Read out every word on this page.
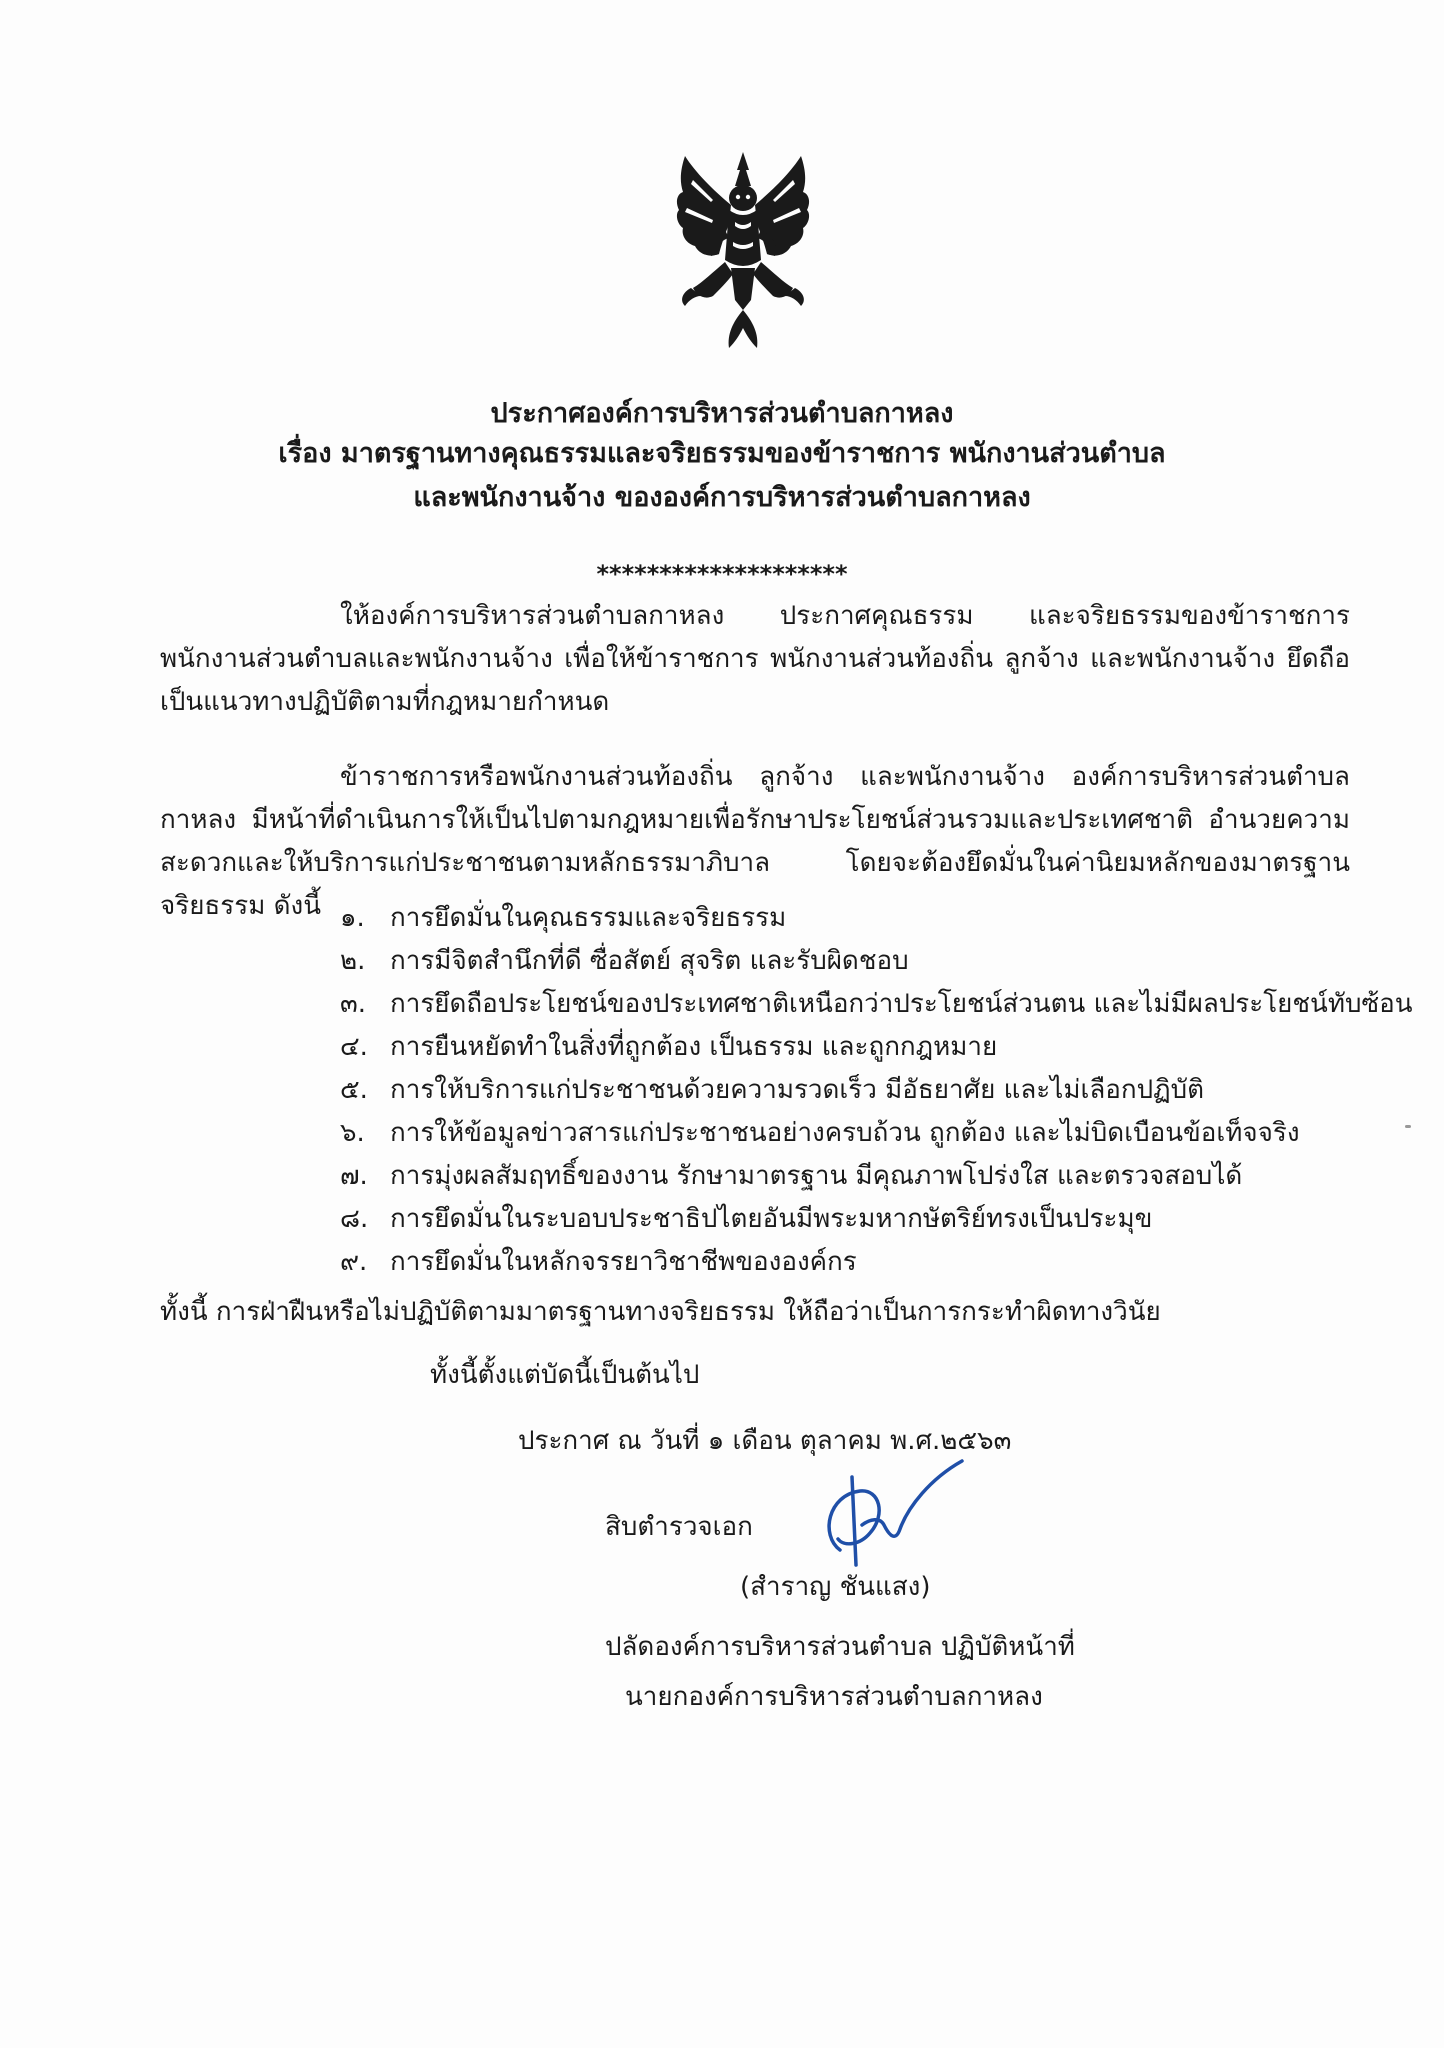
ประกาศองค์การบริหารส่วนตำบลกาหลง
เรื่อง มาตรฐานทางคุณธรรมและจริยธรรมของข้าราชการ พนักงานส่วนตำบล
และพนักงานจ้าง ขององค์การบริหารส่วนตำบลกาหลง
********************
ให้องค์การบริหารส่วนตำบลกาหลง ประกาศคุณธรรม และจริยธรรมของข้าราชการ พนักงานส่วนตำบลและพนักงานจ้าง เพื่อให้ข้าราชการ พนักงานส่วนท้องถิ่น ลูกจ้าง และพนักงานจ้าง ยึดถือเป็นแนวทางปฏิบัติตามที่กฎหมายกำหนด
ข้าราชการหรือพนักงานส่วนท้องถิ่น ลูกจ้าง และพนักงานจ้าง องค์การบริหารส่วนตำบลกาหลง มีหน้าที่ดำเนินการให้เป็นไปตามกฎหมายเพื่อรักษาประโยชน์ส่วนรวมและประเทศชาติ อำนวยความสะดวกและให้บริการแก่ประชาชนตามหลักธรรมาภิบาล โดยจะต้องยึดมั่นในค่านิยมหลักของมาตรฐานจริยธรรม ดังนี้ ๑. การยึดมั่นในคุณธรรมและจริยธรรม
๒. การมีจิตสำนึกที่ดี ซื่อสัตย์ สุจริต และรับผิดชอบ
๓. การยึดถือประโยชน์ของประเทศชาติเหนือกว่าประโยชน์ส่วนตน และไม่มีผลประโยชน์ทับซ้อน
๔. การยืนหยัดทำในสิ่งที่ถูกต้อง เป็นธรรม และถูกกฎหมาย
๕. การให้บริการแก่ประชาชนด้วยความรวดเร็ว มีอัธยาศัย และไม่เลือกปฏิบัติ
๖. การให้ข้อมูลข่าวสารแก่ประชาชนอย่างครบถ้วน ถูกต้อง และไม่บิดเบือนข้อเท็จจริง
๗. การมุ่งผลสัมฤทธิ์ของงาน รักษามาตรฐาน มีคุณภาพโปร่งใส และตรวจสอบได้
๘. การยึดมั่นในระบอบประชาธิปไตยอันมีพระมหากษัตริย์ทรงเป็นประมุข
๙. การยึดมั่นในหลักจรรยาวิชาชีพขององค์กร
ทั้งนี้ การฝ่าฝืนหรือไม่ปฏิบัติตามมาตรฐานทางจริยธรรม ให้ถือว่าเป็นการกระทำผิดทางวินัย
ทั้งนี้ตั้งแต่บัดนี้เป็นต้นไป
ประกาศ ณ วันที่ ๑ เดือน ตุลาคม พ.ศ.๒๕๖๓
สิบตำรวจเอก
(สำราญ ชันแสง)
ปลัดองค์การบริหารส่วนตำบล ปฏิบัติหน้าที่
นายกองค์การบริหารส่วนตำบลกาหลง
